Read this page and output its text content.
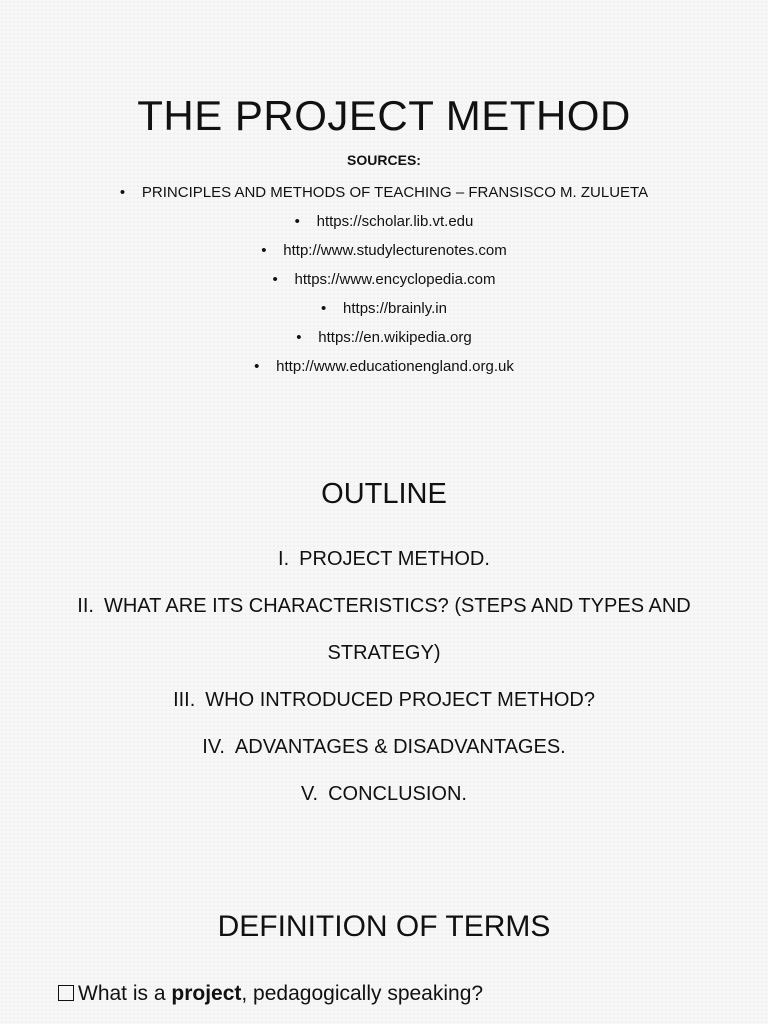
THE PROJECT METHOD
SOURCES:
• PRINCIPLES AND METHODS OF TEACHING – FRANSISCO M. ZULUETA
• https://scholar.lib.vt.edu
• http://www.studylecturenotes.com
• https://www.encyclopedia.com
• https://brainly.in
• https://en.wikipedia.org
• http://www.educationengland.org.uk
OUTLINE
I. PROJECT METHOD.
II. WHAT ARE ITS CHARACTERISTICS? (STEPS AND TYPES AND STRATEGY)
III. WHO INTRODUCED PROJECT METHOD?
IV. ADVANTAGES & DISADVANTAGES.
V. CONCLUSION.
DEFINITION OF TERMS
What is a project, pedagogically speaking?
